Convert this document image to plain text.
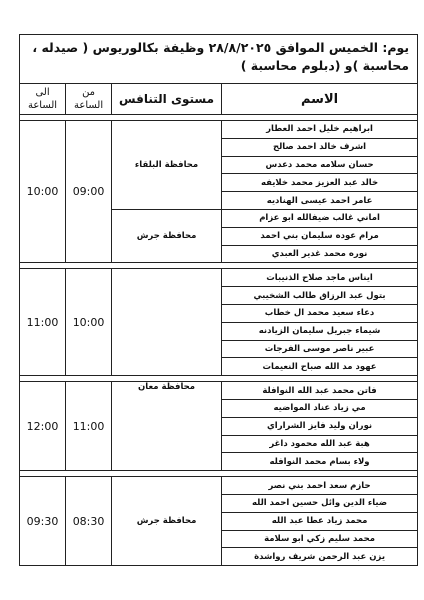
يوم: الخميس الموافق ٢٨/٨/٢٠٢٥ وظيفة بكالوريوس ( صيدله ،
محاسبة )و (دبلوم محاسبة )			

الاسم	مستوى التنافس	من الساعة	الى الساعة

ابراهيم خليل احمد العطار	محافظة البلقاء	09:00	10:00
اشرف خالد احمد صالح			
حسان سلامه محمد دعدس			
خالد عبد العزيز محمد خلايفه			
عامر احمد عيسى الهناديه			
اماني غالب ضيفالله ابو عزام	محافظة جرش		
مرام عوده سليمان بني احمد			
نوره محمد غدير العبدي			

ايناس ماجد صلاح الذنيبات		10:00	11:00
بتول عبد الرزاق طالب الشخيبي			
دعاء سعيد محمد ال خطاب			
شيماء جبريل سليمان الزيادنه			
عبير ناصر موسى الفرجات			
عهود مد الله صباح النعيمات			

فاتن محمد عبد الله النوافلة	محافظة معان	11:00	12:00
مي زياد عناد المواضيه			
نوران وليد فايز الشراراي			
هبة عبد الله محمود داغر			
ولاء بسام محمد النوافله			

حازم سعد احمد بني نصر	محافظة جرش	08:30	09:30
ضياء الدين وائل حسين احمد الله			
محمد زياد عطا عبد الله			
محمد سليم زكي ابو سلامة			
يزن عبد الرحمن شريف رواشدة			
